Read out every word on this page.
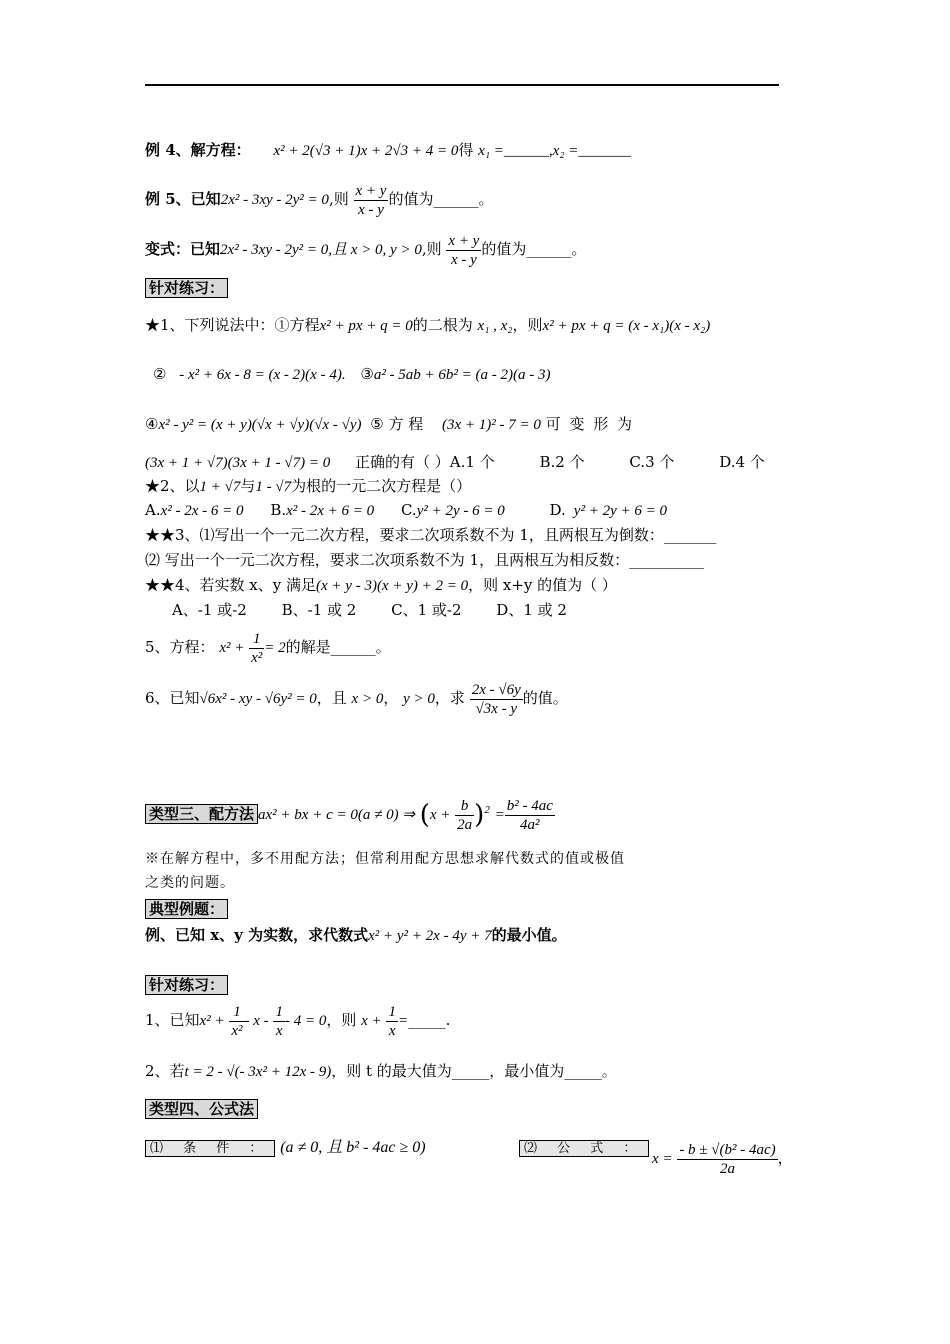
例 4、解方程： x² + 2(√3 + 1)x + 2√3 + 4 = 0得 x₁ =______,x₂ =_______
例 5、已知2x² - 3xy - 2y² = 0,则 $\frac{x + y}{x - y}$ 的值为______。
变式：已知2x² - 3xy - 2y² = 0,且 x > 0, y > 0,则 $\frac{x + y}{x - y}$ 的值为______。
针对练习：
★1、下列说法中：①方程x² + px + q = 0的二根为 x₁ , x₂，则x² + px + q = (x - x₁)(x - x₂)
② - x² + 6x - 8 = (x - 2)(x - 4). ③a² - 5ab + 6b² = (a - 2)(a - 3)
④x² - y² = (x + y)(√x + √y)(√x - √y) ⑤ 方 程 (3x + 1)² - 7 = 0 可 变 形 为
(3x + 1 + √7)(3x + 1 - √7) = 0 正确的有（ ）A.1 个	B.2 个	C.3 个	D.4 个
★2、以1 + √7与1 - √7为根的一元二次方程是（）
A.x² - 2x - 6 = 0 B.x² - 2x + 6 = 0 C.y² + 2y - 6 = 0	D. y² + 2y + 6 = 0
★★3、⑴写出一个一元二次方程，要求二次项系数不为 1，且两根互为倒数：_______
⑵ 写出一个一元二次方程，要求二次项系数不为 1，且两根互为相反数：__________
★★4、若实数 x、y 满足(x + y - 3)(x + y) + 2 = 0，则 x+y 的值为（ ）
A、-1 或-2 B、-1 或 2 C、1 或-2 D、1 或 2
5、方程： $x^2 + \frac{1}{\text{x²}} = 2$的解是______。
6、已知√6x² - xy - √6y² = 0，且 x > 0， y > 0，求 $\frac{2x - √6y}{√3x - y}$ 的值。
类型三、配方法 ax² + bx + c = 0(a ≠ 0) ⇒ $(x + \frac{b}{2a} )^2 = \frac{\text{b² - 4ac}}{\text{4a²}}$
※在解方程中，多不用配方法；但常利用配方思想求解代数式的值或极值
之类的问题。
典型例题：
例、已知 x、y 为实数，求代数式x² + y² + 2x - 4y + 7的最小值。
针对练习：
1、已知$x^2 + \frac{1}{\text{x²}} - x - \frac{1}{x} - 4 = 0$，则 $x + \frac{1}{x}$ =_____.
2、若t = 2 - √(- 3x² + 12x - 9)，则 t 的最大值为_____，最小值为_____。
类型四、公式法
⑴ 条 件 ： (a ≠ 0, 且 b² - 4ac ≥ 0)	⑵ 公 式 ：
$x = \frac{\text{- b ± √(b² - 4ac)}}{2a}$ ，
